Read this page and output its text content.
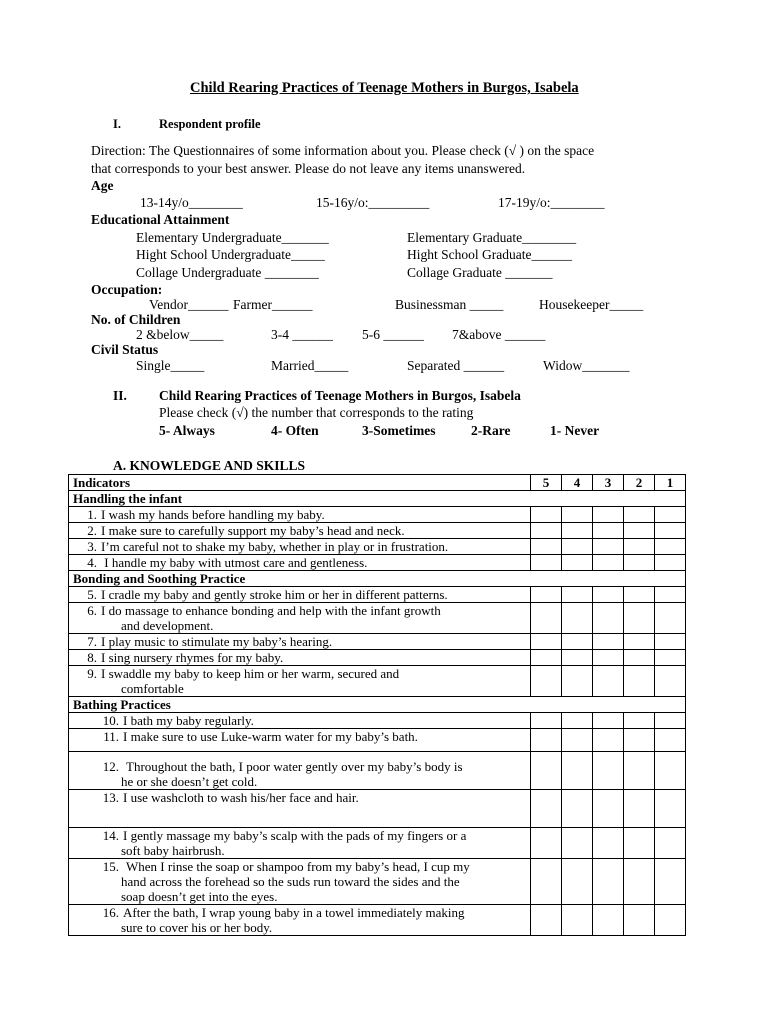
Child Rearing Practices of Teenage Mothers in Burgos, Isabela
I.	Respondent profile
Direction: The Questionnaires of some information about you. Please check (√ ) on the space
that corresponds to your best answer. Please do not leave any items unanswered.
Age
13-14y/o________	15-16y/o:_________	17-19y/o:________
Educational Attainment
Elementary Undergraduate_______	Elementary Graduate________
Hight School Undergraduate_____	Hight School Graduate______
Collage Undergraduate ________	Collage Graduate _______
Occupation:
Vendor______ Farmer______	Businessman _____	Housekeeper_____
No. of Children
2 &below_____	3-4 ______ 5-6 ______ 7&above ______
Civil Status
Single_____	Married_____	Separated ______	Widow_______
II. Child Rearing Practices of Teenage Mothers in Burgos, Isabela
Please check (√) the number that corresponds to the rating
5- Always	4- Often	3-Sometimes	2-Rare	1- Never
A. KNOWLEDGE AND SKILLS
Indicators	5	4	3	2	1
Handling the infant					

1. I wash my hands before handling my baby.					

2. I make sure to carefully support my baby’s head and neck.					

3. I’m careful not to shake my baby, whether in play or in frustration.					

4. I handle my baby with utmost care and gentleness.					

Bonding and Soothing Practice					

5. I cradle my baby and gently stroke him or her in different patterns.					

6. I do massage to enhance bonding and help with the infant growth
and development.					

7. I play music to stimulate my baby’s hearing.					

8. I sing nursery rhymes for my baby.					

9. I swaddle my baby to keep him or her warm, secured and
comfortable					

Bathing Practices					

10. I bath my baby regularly.					

11. I make sure to use Luke-warm water for my baby’s bath.					

12. Throughout the bath, I poor water gently over my baby’s body is
he or she doesn’t get cold.					

13. I use washcloth to wash his/her face and hair.					

14. I gently massage my baby’s scalp with the pads of my fingers or a
soft baby hairbrush.					

15. When I rinse the soap or shampoo from my baby’s head, I cup my
hand across the forehead so the suds run toward the sides and the
soap doesn’t get into the eyes.					

16. After the bath, I wrap young baby in a towel immediately making
sure to cover his or her body.					
